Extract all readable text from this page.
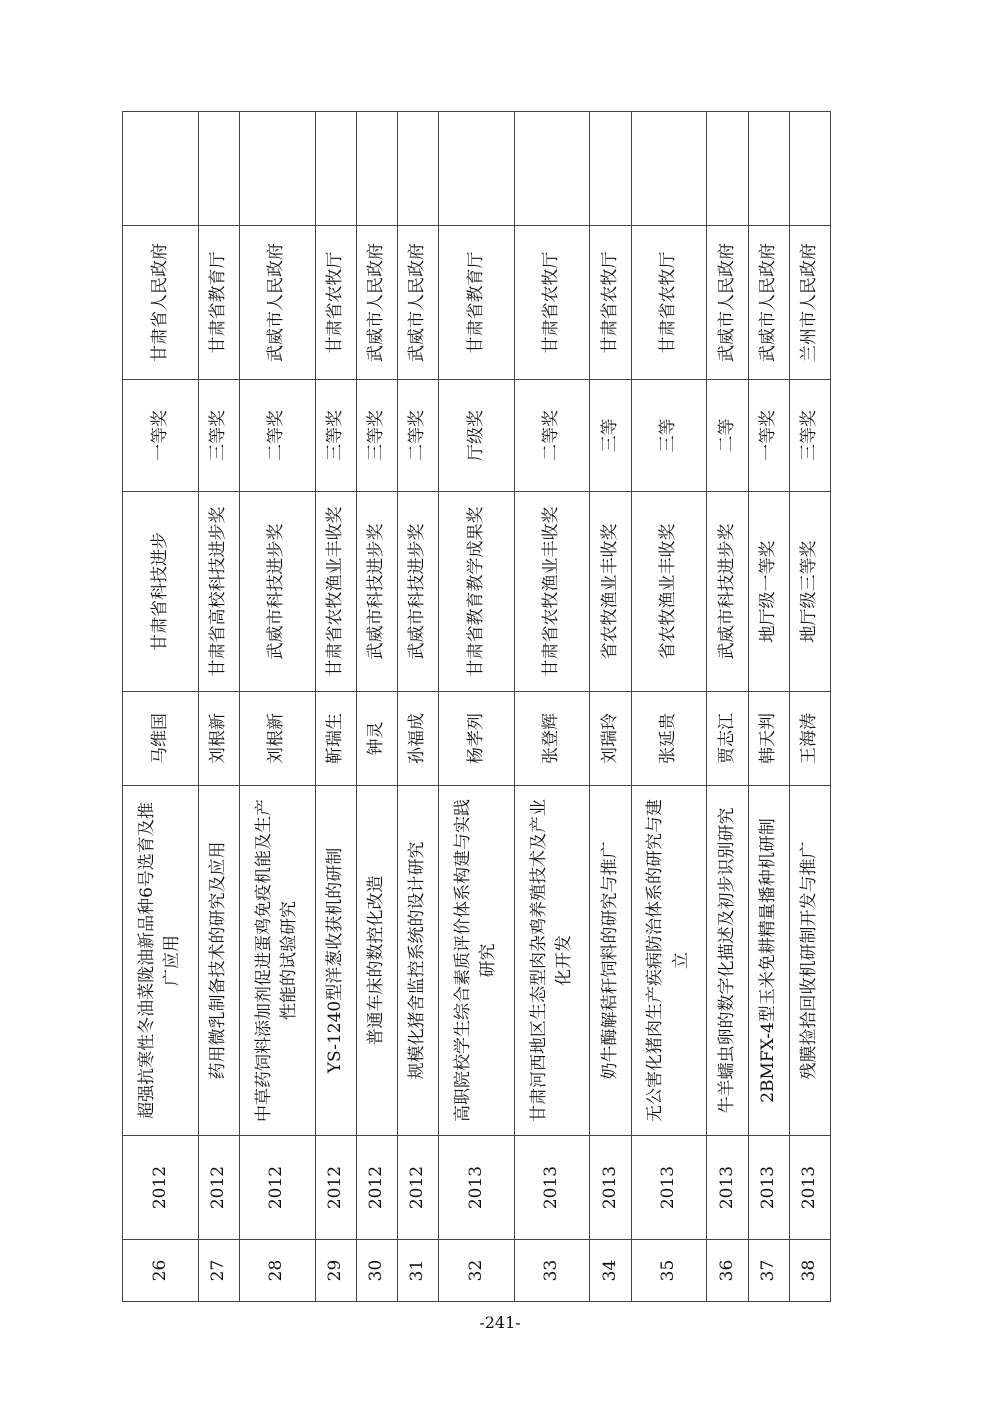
26	2012	超强抗寒性冬油菜陇油新品种6号选育及推广应用	马维国	甘肃省科技进步	一等奖	甘肃省人民政府	
27	2012	药用微乳制备技术的研究及应用	刘根新	甘肃省高校科技进步奖	三等奖	甘肃省教育厅	
28	2012	中草药饲料添加剂促进蛋鸡免疫机能及生产性能的试验研究	刘根新	武威市科技进步奖	二等奖	武威市人民政府	
29	2012	YS-1240型洋葱收获机的研制	靳瑞生	甘肃省农牧渔业丰收奖	三等奖	甘肃省农牧厅	
30	2012	普通车床的数控化改造	钟灵	武威市科技进步奖	三等奖	武威市人民政府	
31	2012	规模化猪舍监控系统的设计研究	孙福成	武威市科技进步奖	二等奖	武威市人民政府	
32	2013	高职院校学生综合素质评价体系构建与实践研究	杨孝列	甘肃省教育教学成果奖	厅级奖	甘肃省教育厅	
33	2013	甘肃河西地区生态型肉杂鸡养殖技术及产业化开发	张登辉	甘肃省农牧渔业丰收奖	二等奖	甘肃省农牧厅	
34	2013	奶牛酶解秸秆饲料的研究与推广	刘瑞玲	省农牧渔业丰收奖	三等	甘肃省农牧厅	
35	2013	无公害化猪肉生产疾病防治体系的研究与建立	张延贵	省农牧渔业丰收奖	三等	甘肃省农牧厅	
36	2013	牛羊蠕虫卵的数字化描述及初步识别研究	贾志江	武威市科技进步奖	二等	武威市人民政府	
37	2013	2BMFX-4型玉米免耕精量播种机研制	韩天判	地厅级一等奖	一等奖	武威市人民政府	
38	2013	残膜捡拾回收机研制开发与推广	王海涛	地厅级三等奖	三等奖	兰州市人民政府	
-241-
